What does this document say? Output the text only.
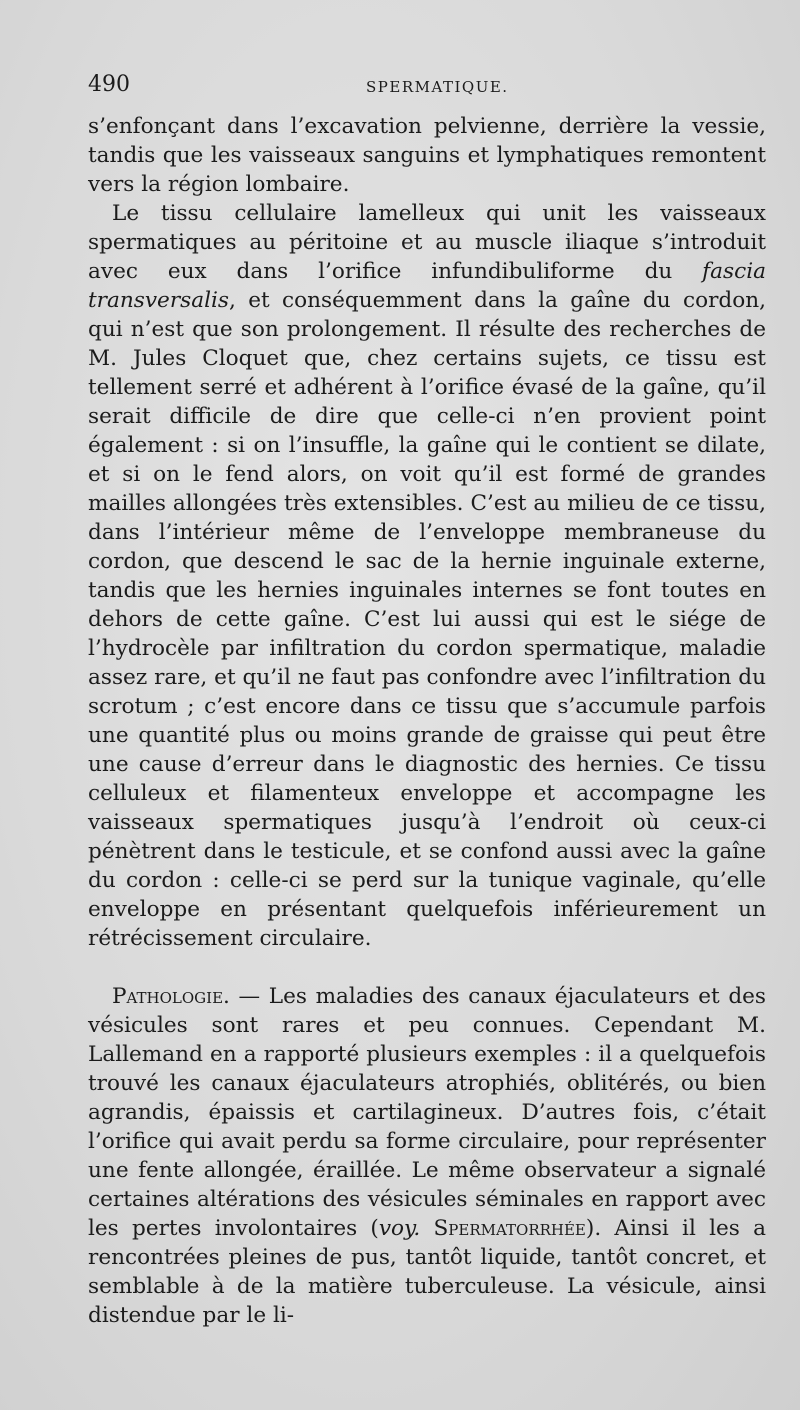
490	SPERMATIQUE.

s’enfonçant dans l’excavation pelvienne, derrière la vessie, tandis que les vaisseaux sanguins et lymphatiques remontent vers la région lombaire.

Le tissu cellulaire lamelleux qui unit les vaisseaux spermatiques au péritoine et au muscle iliaque s’introduit avec eux dans l’orifice infundibuliforme du fascia transversalis, et conséquemment dans la gaîne du cordon, qui n’est que son prolongement. Il résulte des recherches de M. Jules Cloquet que, chez certains sujets, ce tissu est tellement serré et adhérent à l’orifice évasé de la gaîne, qu’il serait difficile de dire que celle-ci n’en provient point également : si on l’insuffle, la gaîne qui le contient se dilate, et si on le fend alors, on voit qu’il est formé de grandes mailles allongées très extensibles. C’est au milieu de ce tissu, dans l’intérieur même de l’enveloppe membraneuse du cordon, que descend le sac de la hernie inguinale externe, tandis que les hernies inguinales internes se font toutes en dehors de cette gaîne. C’est lui aussi qui est le siége de l’hydrocèle par infiltration du cordon spermatique, maladie assez rare, et qu’il ne faut pas confondre avec l’infiltration du scrotum ; c’est encore dans ce tissu que s’accumule parfois une quantité plus ou moins grande de graisse qui peut être une cause d’erreur dans le diagnostic des hernies. Ce tissu celluleux et filamenteux enveloppe et accompagne les vaisseaux spermatiques jusqu’à l’endroit où ceux-ci pénètrent dans le testicule, et se confond aussi avec la gaîne du cordon : celle-ci se perd sur la tunique vaginale, qu’elle enveloppe en présentant quelquefois inférieurement un rétrécissement circulaire.

Pathologie. — Les maladies des canaux éjaculateurs et des vésicules sont rares et peu connues. Cependant M. Lallemand en a rapporté plusieurs exemples : il a quelquefois trouvé les canaux éjaculateurs atrophiés, oblitérés, ou bien agrandis, épaissis et cartilagineux. D’autres fois, c’était l’orifice qui avait perdu sa forme circulaire, pour représenter une fente allongée, éraillée. Le même observateur a signalé certaines altérations des vésicules séminales en rapport avec les pertes involontaires (voy. Spermatorrhée). Ainsi il les a rencontrées pleines de pus, tantôt liquide, tantôt concret, et semblable à de la matière tuberculeuse. La vésicule, ainsi distendue par le li-
